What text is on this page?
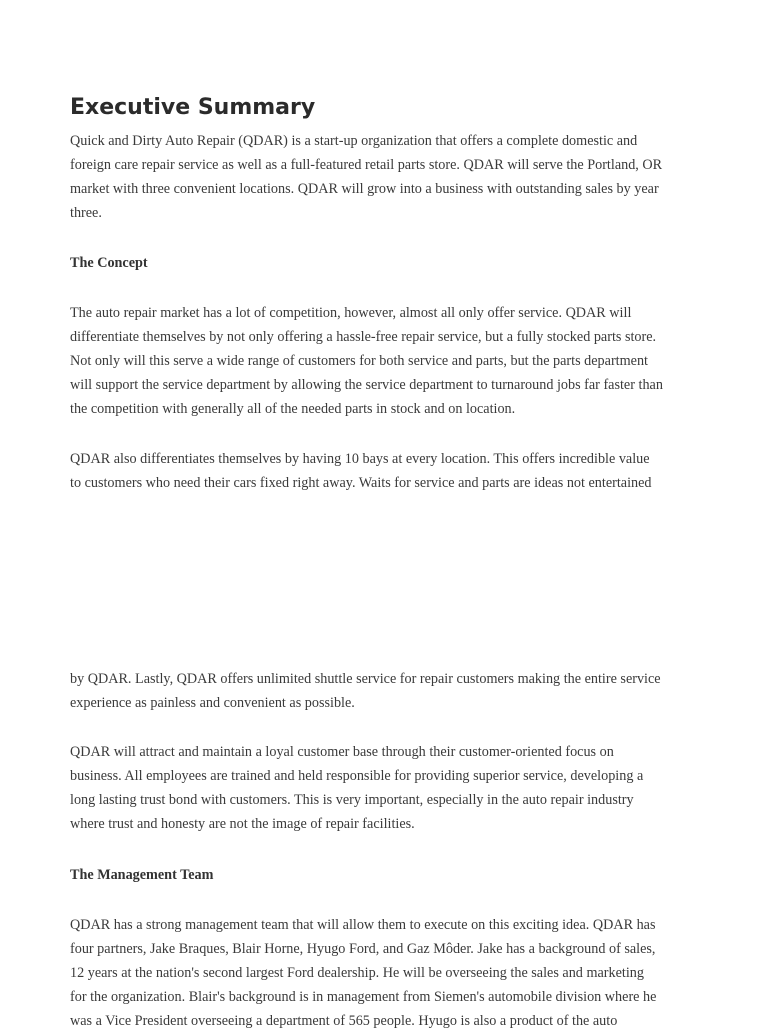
Executive Summary
Quick and Dirty Auto Repair (QDAR) is a start-up organization that offers a complete domestic and
foreign care repair service as well as a full-featured retail parts store. QDAR will serve the Portland, OR
market with three convenient locations. QDAR will grow into a business with outstanding sales by year
three.
The Concept
The auto repair market has a lot of competition, however, almost all only offer service. QDAR will
differentiate themselves by not only offering a hassle-free repair service, but a fully stocked parts store.
Not only will this serve a wide range of customers for both service and parts, but the parts department
will support the service department by allowing the service department to turnaround jobs far faster than
the competition with generally all of the needed parts in stock and on location.
QDAR also differentiates themselves by having 10 bays at every location. This offers incredible value
to customers who need their cars fixed right away. Waits for service and parts are ideas not entertained
by QDAR. Lastly, QDAR offers unlimited shuttle service for repair customers making the entire service
experience as painless and convenient as possible.
QDAR will attract and maintain a loyal customer base through their customer-oriented focus on
business. All employees are trained and held responsible for providing superior service, developing a
long lasting trust bond with customers. This is very important, especially in the auto repair industry
where trust and honesty are not the image of repair facilities.
The Management Team
QDAR has a strong management team that will allow them to execute on this exciting idea. QDAR has
four partners, Jake Braques, Blair Horne, Hyugo Ford, and Gaz Môder. Jake has a background of sales,
12 years at the nation's second largest Ford dealership. He will be overseeing the sales and marketing
for the organization. Blair's background is in management from Siemen's automobile division where he
was a Vice President overseeing a department of 565 people. Hyugo is also a product of the auto
